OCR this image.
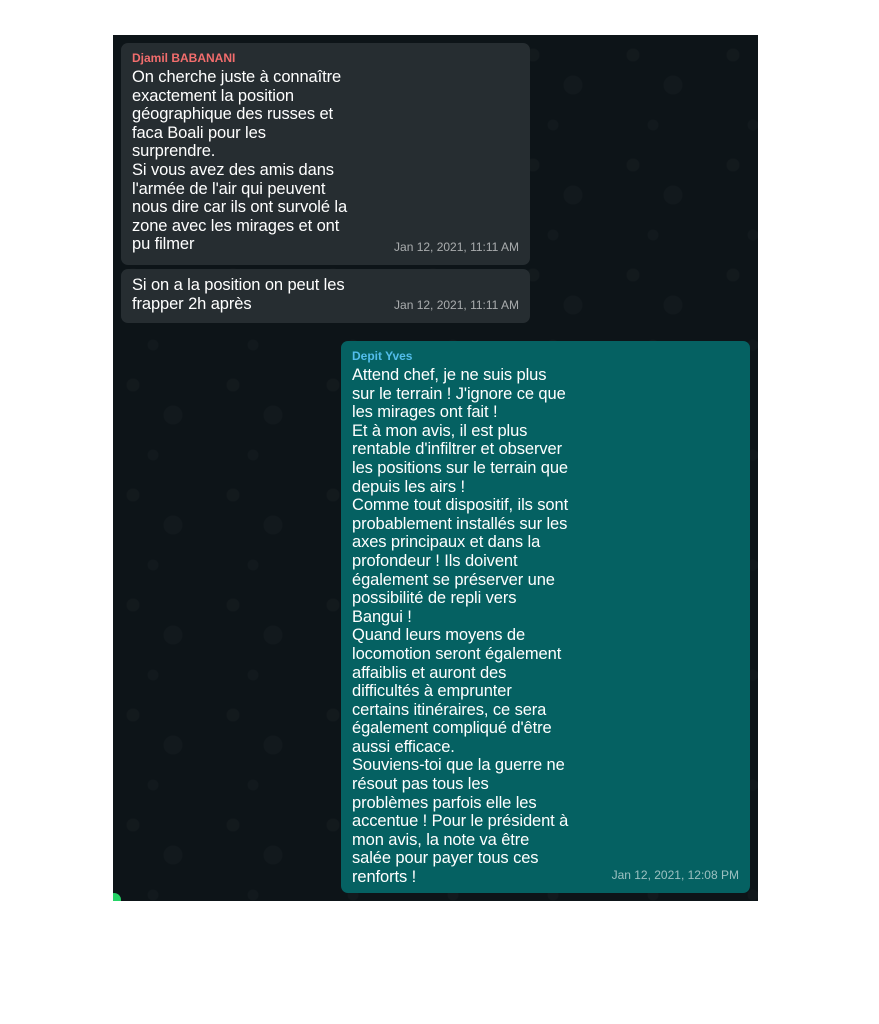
Djamil BABANANI
On cherche juste à connaître
exactement la position
géographique des russes et
faca Boali pour les
surprendre.
Si vous avez des amis dans
l'armée de l'air qui peuvent
nous dire car ils ont survolé la
zone avec les mirages et ont
pu filmer	Jan 12, 2021, 11:11 AM
Si on a la position on peut les
frapper 2h après	Jan 12, 2021, 11:11 AM
Depit Yves
Attend chef, je ne suis plus
sur le terrain ! J'ignore ce que
les mirages ont fait !
Et à mon avis, il est plus
rentable d'infiltrer et observer
les positions sur le terrain que
depuis les airs !
Comme tout dispositif, ils sont
probablement installés sur les
axes principaux et dans la
profondeur ! Ils doivent
également se préserver une
possibilité de repli vers
Bangui !
Quand leurs moyens de
locomotion seront également
affaiblis et auront des
difficultés à emprunter
certains itinéraires, ce sera
également compliqué d'être
aussi efficace.
Souviens-toi que la guerre ne
résout pas tous les
problèmes parfois elle les
accentue ! Pour le président à
mon avis, la note va être
salée pour payer tous ces
renforts !	Jan 12, 2021, 12:08 PM
